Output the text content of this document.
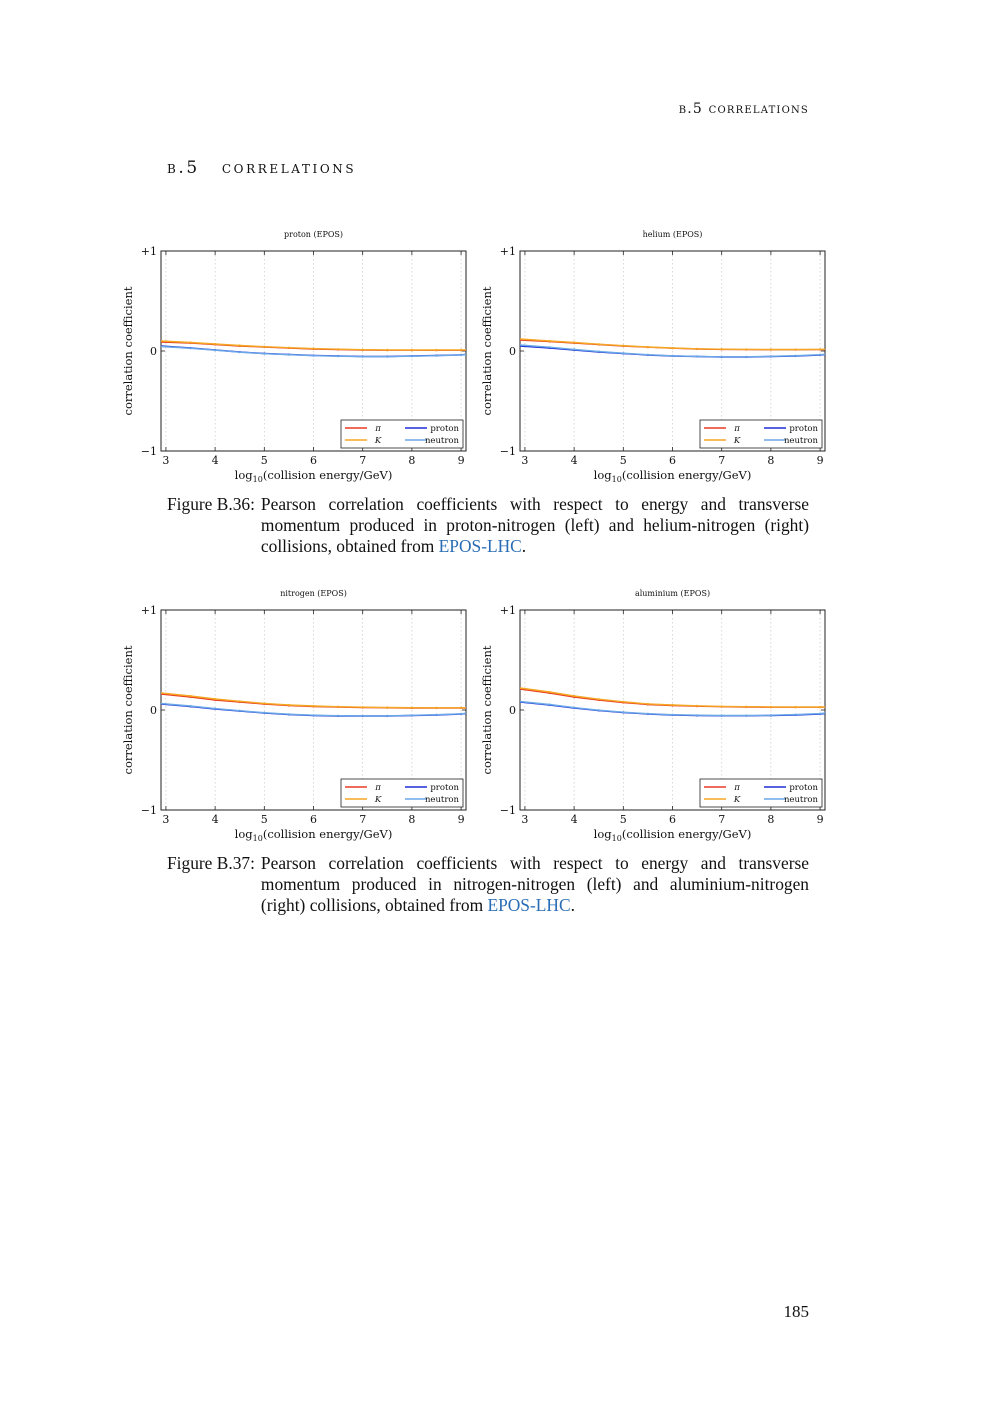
b.5 correlations
b.5 correlations
proton (EPOS)
3	4	5	6	7	8	9
+1
0
−1
correlation coefficient
$\log_{10}(collision$ energy/GeV)
π
K
proton
neutron
helium (EPOS)
3	4	5	6	7	8	9
+1
0
−1
correlation coefficient
$\log_{10}(collision$ energy/GeV)
π
K
proton
neutron
Figure B.36: Pearson correlation coefficients with respect to energy and transverse momentum produced in proton-nitrogen (left) and helium-nitrogen (right) collisions, obtained from EPOS-LHC.
nitrogen (EPOS)
3	4	5	6	7	8	9
+1
0
−1
correlation coefficient
$\log_{10}(collision$ energy/GeV)
π
K
proton
neutron
aluminium (EPOS)
3	4	5	6	7	8	9
+1
0
−1
correlation coefficient
$\log_{10}(collision$ energy/GeV)
π
K
proton
neutron
Figure B.37: Pearson correlation coefficients with respect to energy and transverse momentum produced in nitrogen-nitrogen (left) and aluminium-nitrogen (right) collisions, obtained from EPOS-LHC.
185
